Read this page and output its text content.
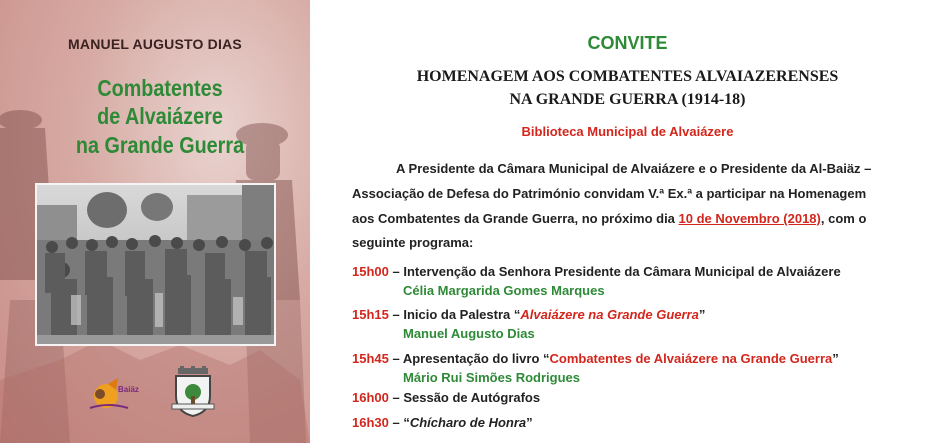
MANUEL AUGUSTO DIAS
Combatentes
de Alvaiázere
na Grande Guerra
Baiäz
CONVITE
HOMENAGEM AOS COMBATENTES ALVAIAZERENSES
NA GRANDE GUERRA (1914-18)
Biblioteca Municipal de Alvaiázere
A Presidente da Câmara Municipal de Alvaiázere e o Presidente da Al-Baiäz –
Associação de Defesa do Património convidam V.ª Ex.ª a participar na Homenagem
aos Combatentes da Grande Guerra, no próximo dia 10 de Novembro (2018), com o
seguinte programa:
15h00 – Intervenção da Senhora Presidente da Câmara Municipal de Alvaiázere
Célia Margarida Gomes Marques
15h15 – Inicio da Palestra “Alvaiázere na Grande Guerra”
Manuel Augusto Dias
15h45 – Apresentação do livro “Combatentes de Alvaiázere na Grande Guerra”
Mário Rui Simões Rodrigues
16h00 – Sessão de Autógrafos
16h30 – “Chícharo de Honra”
